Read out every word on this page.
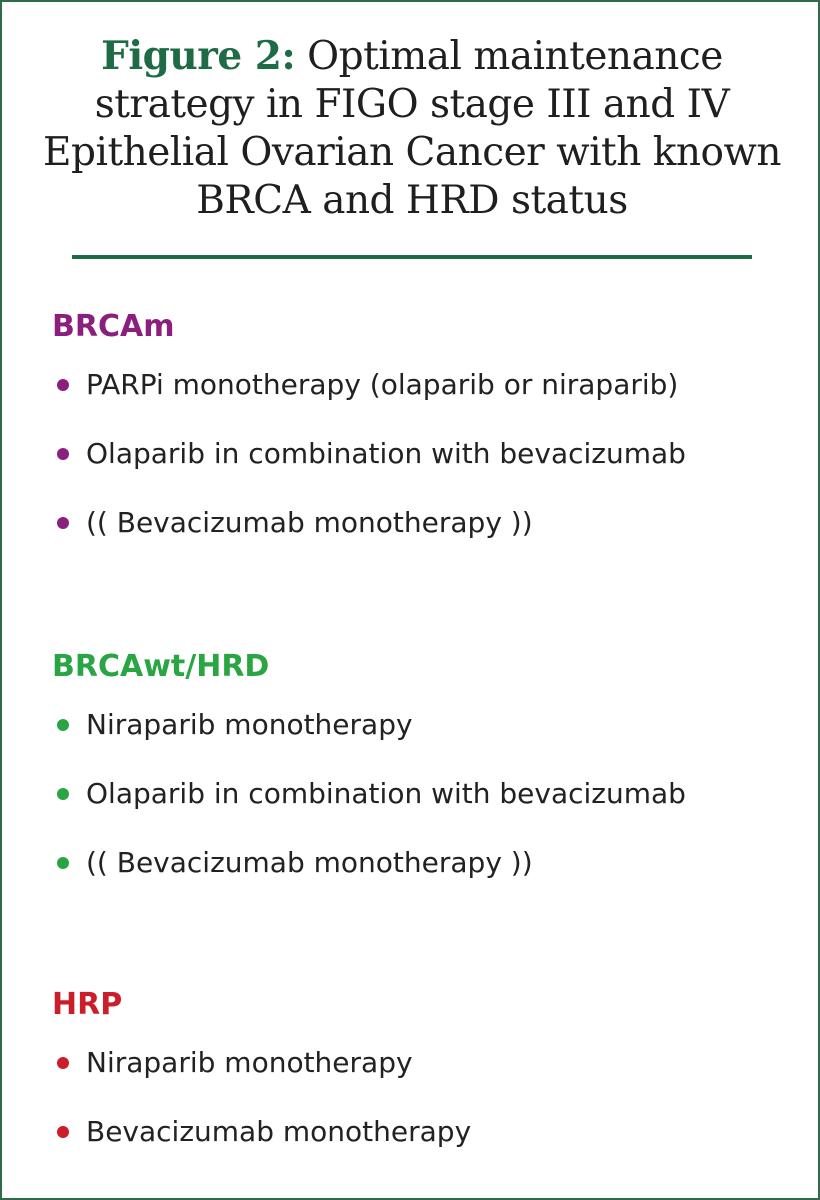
Figure 2: Optimal maintenance strategy in FIGO stage III and IV Epithelial Ovarian Cancer with known BRCA and HRD status
BRCAm
PARPi monotherapy (olaparib or niraparib)
Olaparib in combination with bevacizumab
(( Bevacizumab monotherapy ))
BRCAwt/HRD
Niraparib monotherapy
Olaparib in combination with bevacizumab
(( Bevacizumab monotherapy ))
HRP
Niraparib monotherapy
Bevacizumab monotherapy
